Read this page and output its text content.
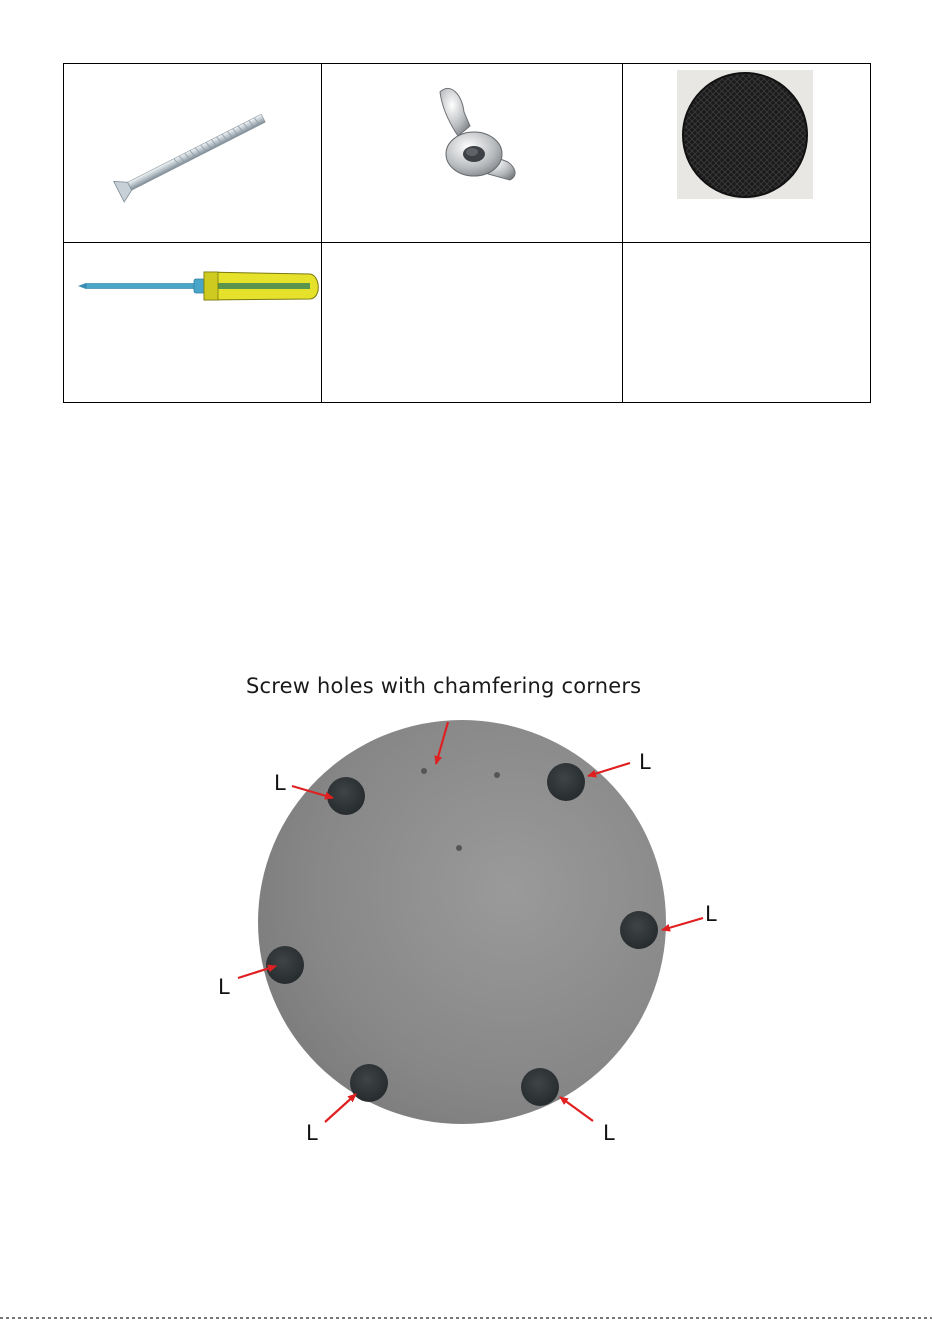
Screw holes with chamfering corners
L
L
L
L
L	L
